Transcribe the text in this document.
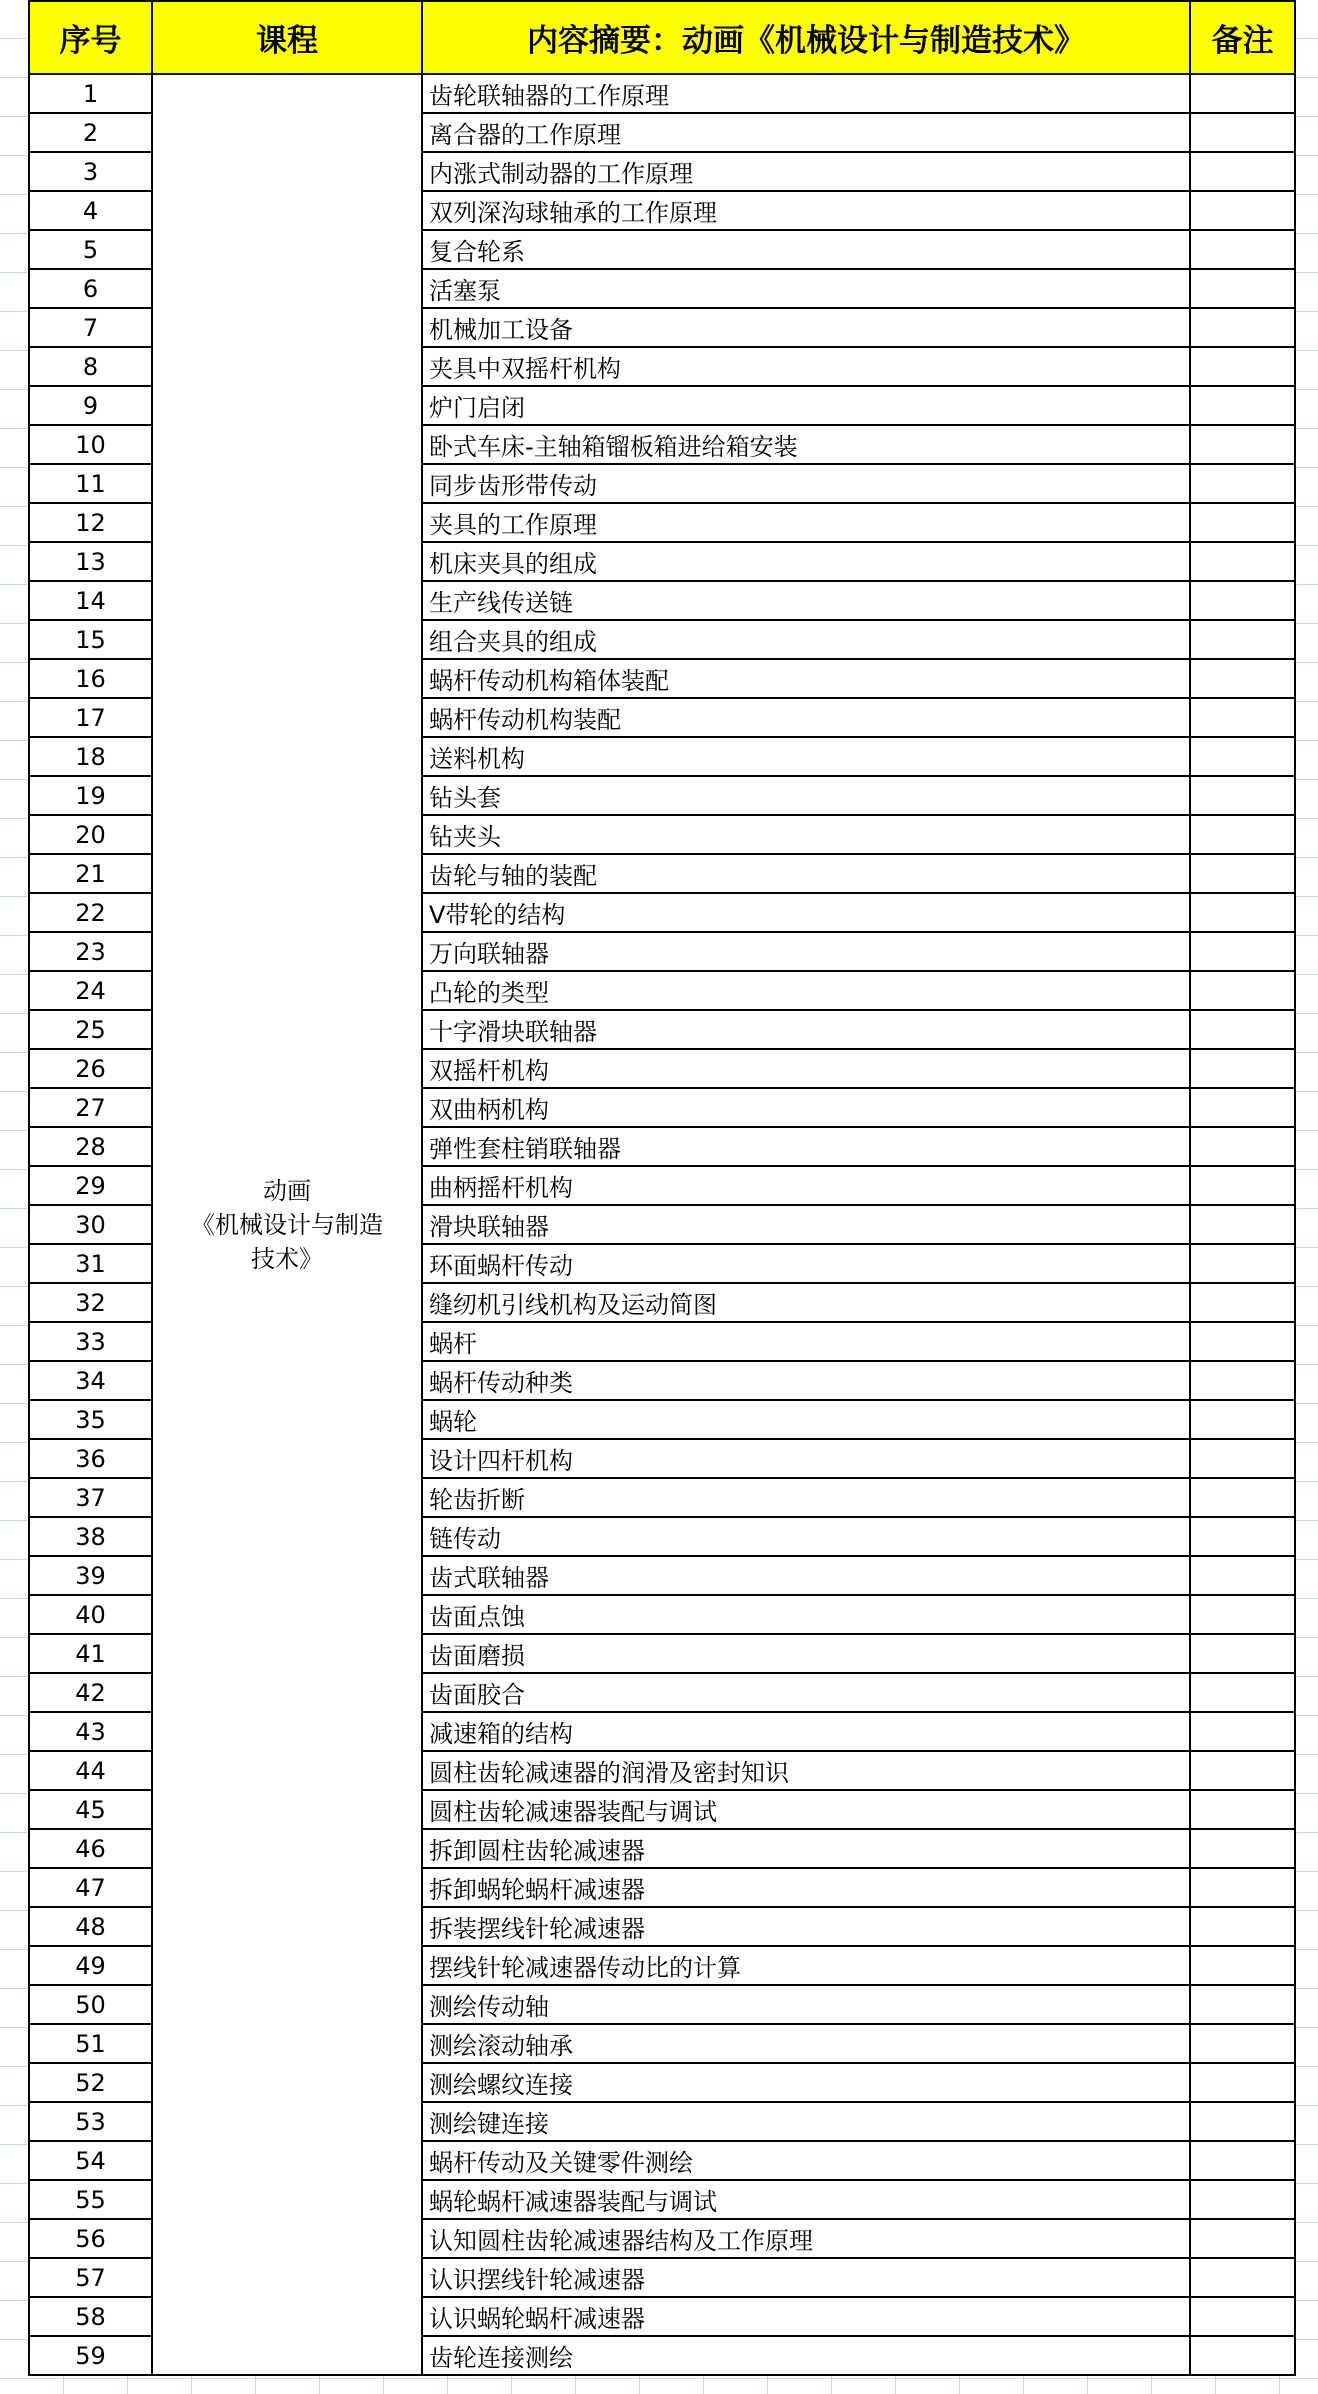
序号	课程	内容摘要：动画《机械设计与制造技术》	备注
1	动画
《机械设计与制造
技术》	齿轮联轴器的工作原理	
2		离合器的工作原理	
3		内涨式制动器的工作原理	
4		双列深沟球轴承的工作原理	
5		复合轮系	
6		活塞泵	
7		机械加工设备	
8		夹具中双摇杆机构	
9		炉门启闭	
10		卧式车床-主轴箱镏板箱进给箱安装	
11		同步齿形带传动	
12		夹具的工作原理	
13		机床夹具的组成	
14		生产线传送链	
15		组合夹具的组成	
16		蜗杆传动机构箱体装配	
17		蜗杆传动机构装配	
18		送料机构	
19		钻头套	
20		钻夹头	
21		齿轮与轴的装配	
22		V带轮的结构	
23		万向联轴器	
24		凸轮的类型	
25		十字滑块联轴器	
26		双摇杆机构	
27		双曲柄机构	
28		弹性套柱销联轴器	
29		曲柄摇杆机构	
30		滑块联轴器	
31		环面蜗杆传动	
32		缝纫机引线机构及运动简图	
33		蜗杆	
34		蜗杆传动种类	
35		蜗轮	
36		设计四杆机构	
37		轮齿折断	
38		链传动	
39		齿式联轴器	
40		齿面点蚀	
41		齿面磨损	
42		齿面胶合	
43		减速箱的结构	
44		圆柱齿轮减速器的润滑及密封知识	
45		圆柱齿轮减速器装配与调试	
46		拆卸圆柱齿轮减速器	
47		拆卸蜗轮蜗杆减速器	
48		拆装摆线针轮减速器	
49		摆线针轮减速器传动比的计算	
50		测绘传动轴	
51		测绘滚动轴承	
52		测绘螺纹连接	
53		测绘键连接	
54		蜗杆传动及关键零件测绘	
55		蜗轮蜗杆减速器装配与调试	
56		认知圆柱齿轮减速器结构及工作原理	
57		认识摆线针轮减速器	
58		认识蜗轮蜗杆减速器	
59		齿轮连接测绘	
